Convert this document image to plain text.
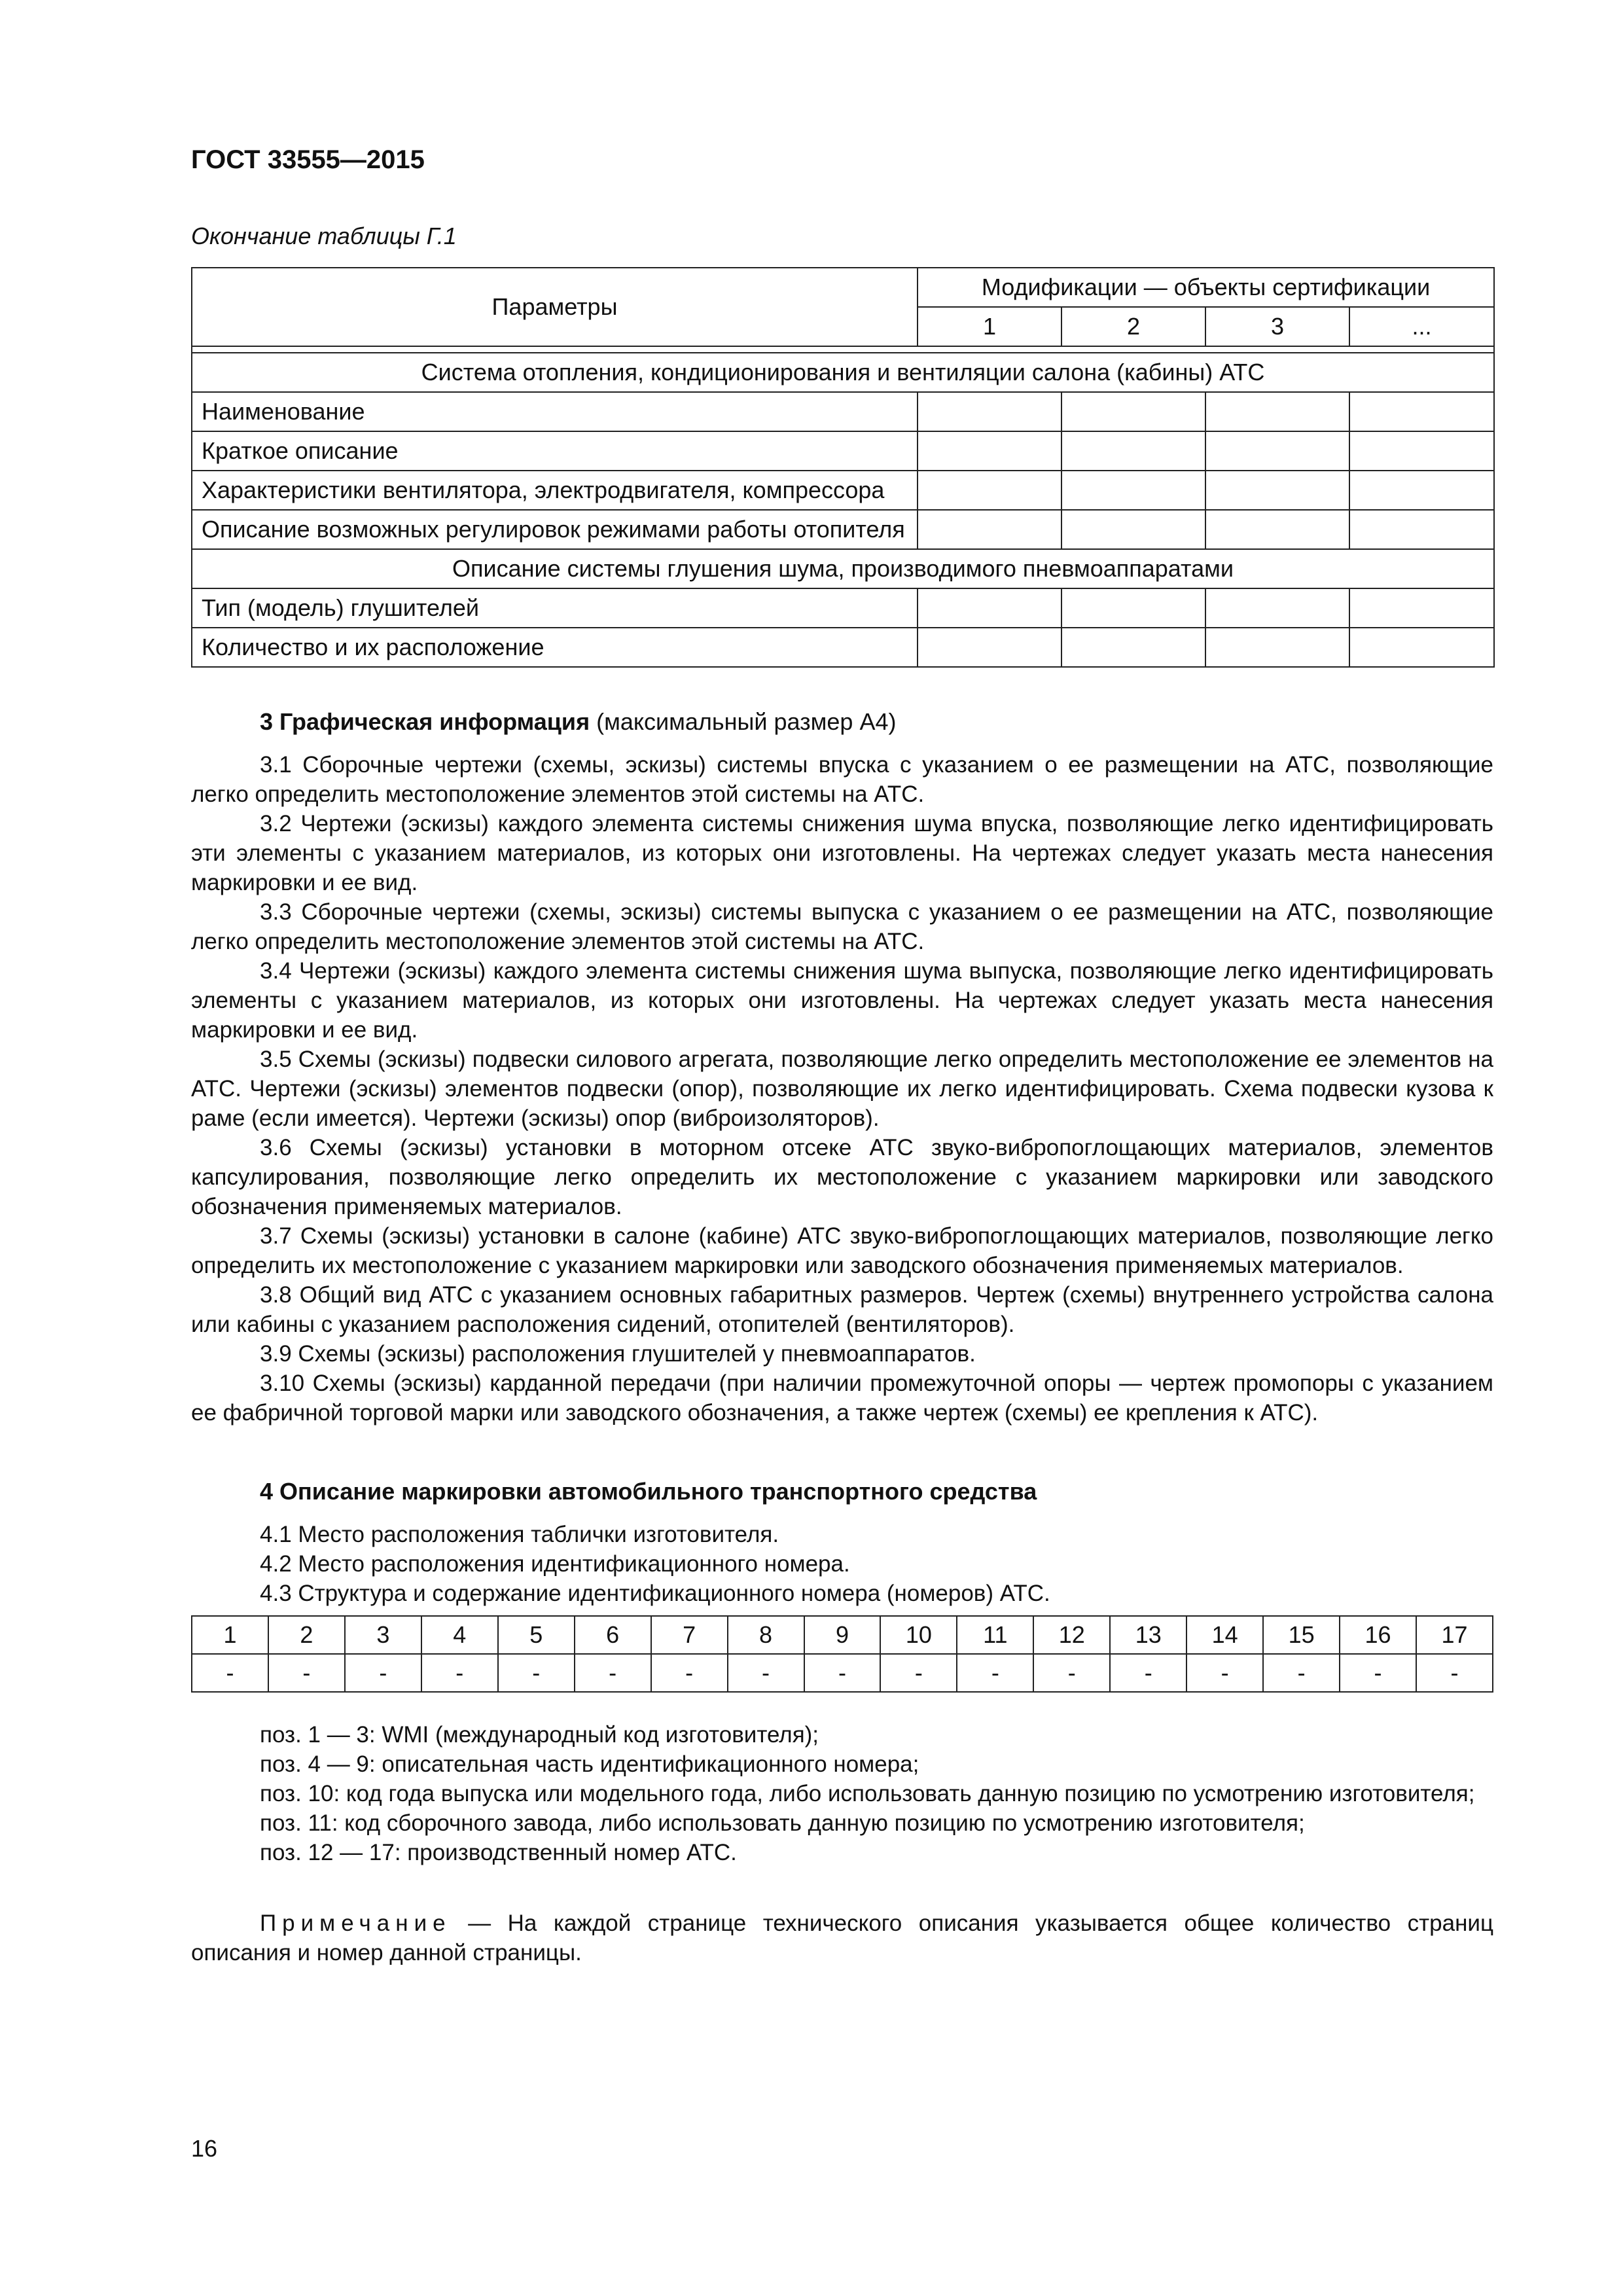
ГОСТ 33555—2015
Окончание таблицы Г.1
Параметры	Модификации — объекты сертификации			
	1	2	3	...

Система отопления, кондиционирования и вентиляции салона (кабины) АТС				
Наименование				
Краткое описание				
Характеристики вентилятора, электродвигателя, компрессора				
Описание возможных регулировок режимами работы отопителя				
Описание системы глушения шума, производимого пневмоаппаратами				
Тип (модель) глушителей				
Количество и их расположение				
3 Графическая информация (максимальный размер А4)

3.1 Сборочные чертежи (схемы, эскизы) системы впуска с указанием о ее размещении на АТС, позволяющие легко определить местоположение элементов этой системы на АТС.

3.2 Чертежи (эскизы) каждого элемента системы снижения шума впуска, позволяющие легко идентифицировать эти элементы с указанием материалов, из которых они изготовлены. На чертежах следует указать места нанесения маркировки и ее вид.

3.3 Сборочные чертежи (схемы, эскизы) системы выпуска с указанием о ее размещении на АТС, позволяющие легко определить местоположение элементов этой системы на АТС.

3.4 Чертежи (эскизы) каждого элемента системы снижения шума выпуска, позволяющие легко идентифицировать элементы с указанием материалов, из которых они изготовлены. На чертежах следует указать места нанесения маркировки и ее вид.

3.5 Схемы (эскизы) подвески силового агрегата, позволяющие легко определить местоположение ее элементов на АТС. Чертежи (эскизы) элементов подвески (опор), позволяющие их легко идентифицировать. Схема подвески кузова к раме (если имеется). Чертежи (эскизы) опор (виброизоляторов).

3.6 Схемы (эскизы) установки в моторном отсеке АТС звуко-вибропоглощающих материалов, элементов капсулирования, позволяющие легко определить их местоположение с указанием маркировки или заводского обозначения применяемых материалов.

3.7 Схемы (эскизы) установки в салоне (кабине) АТС звуко-вибропоглощающих материалов, позволяющие легко определить их местоположение с указанием маркировки или заводского обозначения применяемых материалов.

3.8 Общий вид АТС с указанием основных габаритных размеров. Чертеж (схемы) внутреннего устройства салона или кабины с указанием расположения сидений, отопителей (вентиляторов).

3.9 Схемы (эскизы) расположения глушителей у пневмоаппаратов.

3.10 Схемы (эскизы) карданной передачи (при наличии промежуточной опоры — чертеж промопоры с указанием ее фабричной торговой марки или заводского обозначения, а также чертеж (схемы) ее крепления к АТС).

4 Описание маркировки автомобильного транспортного средства

4.1 Место расположения таблички изготовителя.

4.2 Место расположения идентификационного номера.

4.3 Структура и содержание идентификационного номера (номеров) АТС.

1	2	3	4	5	6	7	8	9	10	11	12	13	14	15	16	17
-	-	-	-	-	-	-	-	-	-	-	-	-	-	-	-	-

поз. 1 — 3: WMI (международный код изготовителя);

поз. 4 — 9: описательная часть идентификационного номера;

поз. 10: код года выпуска или модельного года, либо использовать данную позицию по усмотрению изготовителя;

поз. 11: код сборочного завода, либо использовать данную позицию по усмотрению изготовителя;

поз. 12 — 17: производственный номер АТС.

Примечание — На каждой странице технического описания указывается общее количество страниц описания и номер данной страницы.

16
